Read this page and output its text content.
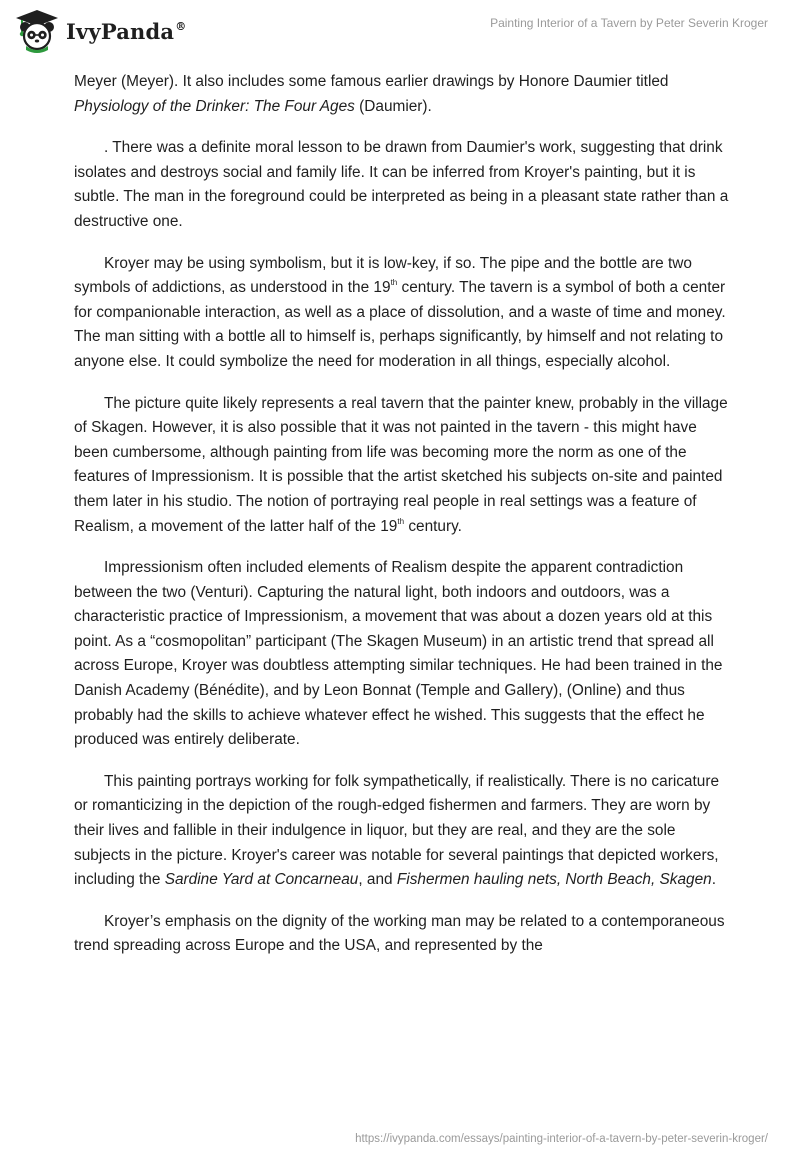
IvyPanda®	Painting Interior of a Tavern by Peter Severin Kroger

Meyer (Meyer). It also includes some famous earlier drawings by Honore Daumier titled Physiology of the Drinker: The Four Ages (Daumier).

. There was a definite moral lesson to be drawn from Daumier's work, suggesting that drink isolates and destroys social and family life. It can be inferred from Kroyer's painting, but it is subtle. The man in the foreground could be interpreted as being in a pleasant state rather than a destructive one.

Kroyer may be using symbolism, but it is low-key, if so. The pipe and the bottle are two symbols of addictions, as understood in the 19th century. The tavern is a symbol of both a center for companionable interaction, as well as a place of dissolution, and a waste of time and money. The man sitting with a bottle all to himself is, perhaps significantly, by himself and not relating to anyone else. It could symbolize the need for moderation in all things, especially alcohol.

The picture quite likely represents a real tavern that the painter knew, probably in the village of Skagen. However, it is also possible that it was not painted in the tavern - this might have been cumbersome, although painting from life was becoming more the norm as one of the features of Impressionism. It is possible that the artist sketched his subjects on-site and painted them later in his studio. The notion of portraying real people in real settings was a feature of Realism, a movement of the latter half of the 19th century.

Impressionism often included elements of Realism despite the apparent contradiction between the two (Venturi). Capturing the natural light, both indoors and outdoors, was a characteristic practice of Impressionism, a movement that was about a dozen years old at this point. As a “cosmopolitan” participant (The Skagen Museum) in an artistic trend that spread all across Europe, Kroyer was doubtless attempting similar techniques. He had been trained in the Danish Academy (Bénédite), and by Leon Bonnat (Temple and Gallery), (Online) and thus probably had the skills to achieve whatever effect he wished. This suggests that the effect he produced was entirely deliberate.

This painting portrays working for folk sympathetically, if realistically. There is no caricature or romanticizing in the depiction of the rough-edged fishermen and farmers. They are worn by their lives and fallible in their indulgence in liquor, but they are real, and they are the sole subjects in the picture. Kroyer's career was notable for several paintings that depicted workers, including the Sardine Yard at Concarneau, and Fishermen hauling nets, North Beach, Skagen.

Kroyer’s emphasis on the dignity of the working man may be related to a contemporaneous trend spreading across Europe and the USA, and represented by the

https://ivypanda.com/essays/painting-interior-of-a-tavern-by-peter-severin-kroger/
